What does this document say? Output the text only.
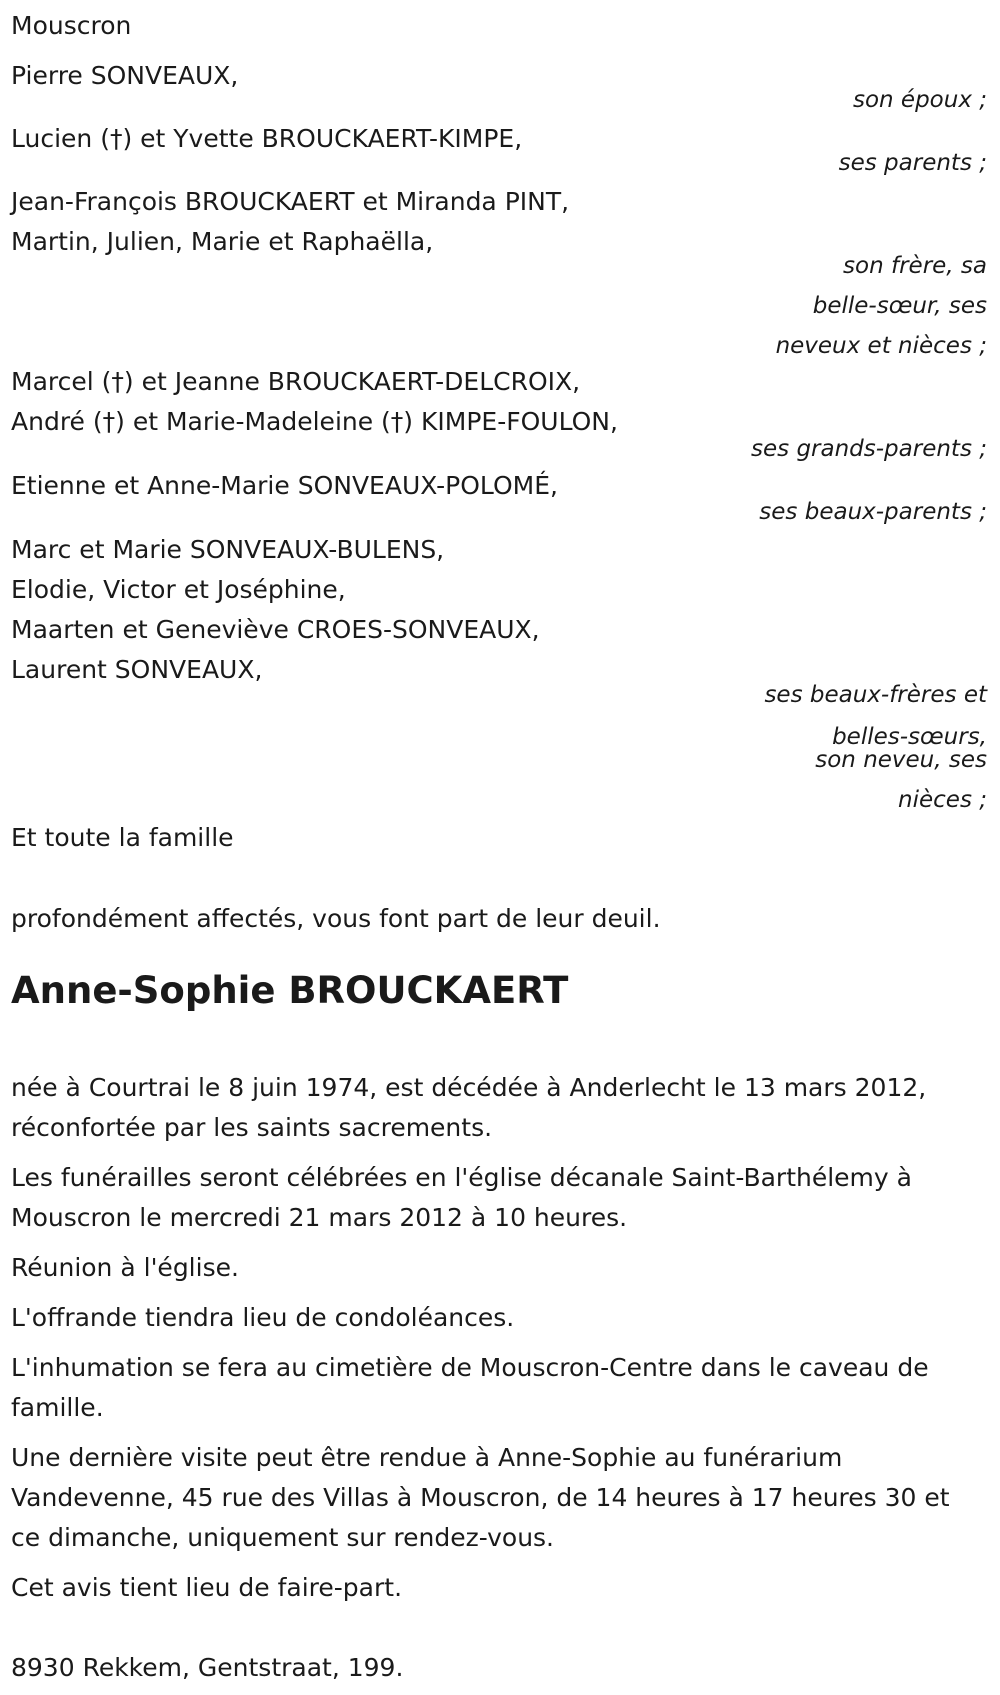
Mouscron

Pierre SONVEAUX,

son époux ;

Lucien (†) et Yvette BROUCKAERT-KIMPE,

ses parents ;

Jean-François BROUCKAERT et Miranda PINT,

Martin, Julien, Marie et Raphaëlla,

son frère, sa

belle-sœur, ses

neveux et nièces ;

Marcel (†) et Jeanne BROUCKAERT-DELCROIX,

André (†) et Marie-Madeleine (†) KIMPE-FOULON,

ses grands-parents ;

Etienne et Anne-Marie SONVEAUX-POLOMÉ,

ses beaux-parents ;

Marc et Marie SONVEAUX-BULENS,

Elodie, Victor et Joséphine,

Maarten et Geneviève CROES-SONVEAUX,

Laurent SONVEAUX,

ses beaux-frères et

belles-sœurs,

son neveu, ses

nièces ;

Et toute la famille

profondément affectés, vous font part de leur deuil.

Anne-Sophie BROUCKAERT

née à Courtrai le 8 juin 1974, est décédée à Anderlecht le 13 mars 2012,

réconfortée par les saints sacrements.

Les funérailles seront célébrées en l'église décanale Saint-Barthélemy à

Mouscron le mercredi 21 mars 2012 à 10 heures.

Réunion à l'église.

L'offrande tiendra lieu de condoléances.

L'inhumation se fera au cimetière de Mouscron-Centre dans le caveau de

famille.

Une dernière visite peut être rendue à Anne-Sophie au funérarium

Vandevenne, 45 rue des Villas à Mouscron, de 14 heures à 17 heures 30 et

ce dimanche, uniquement sur rendez-vous.

Cet avis tient lieu de faire-part.

8930 Rekkem, Gentstraat, 199.
